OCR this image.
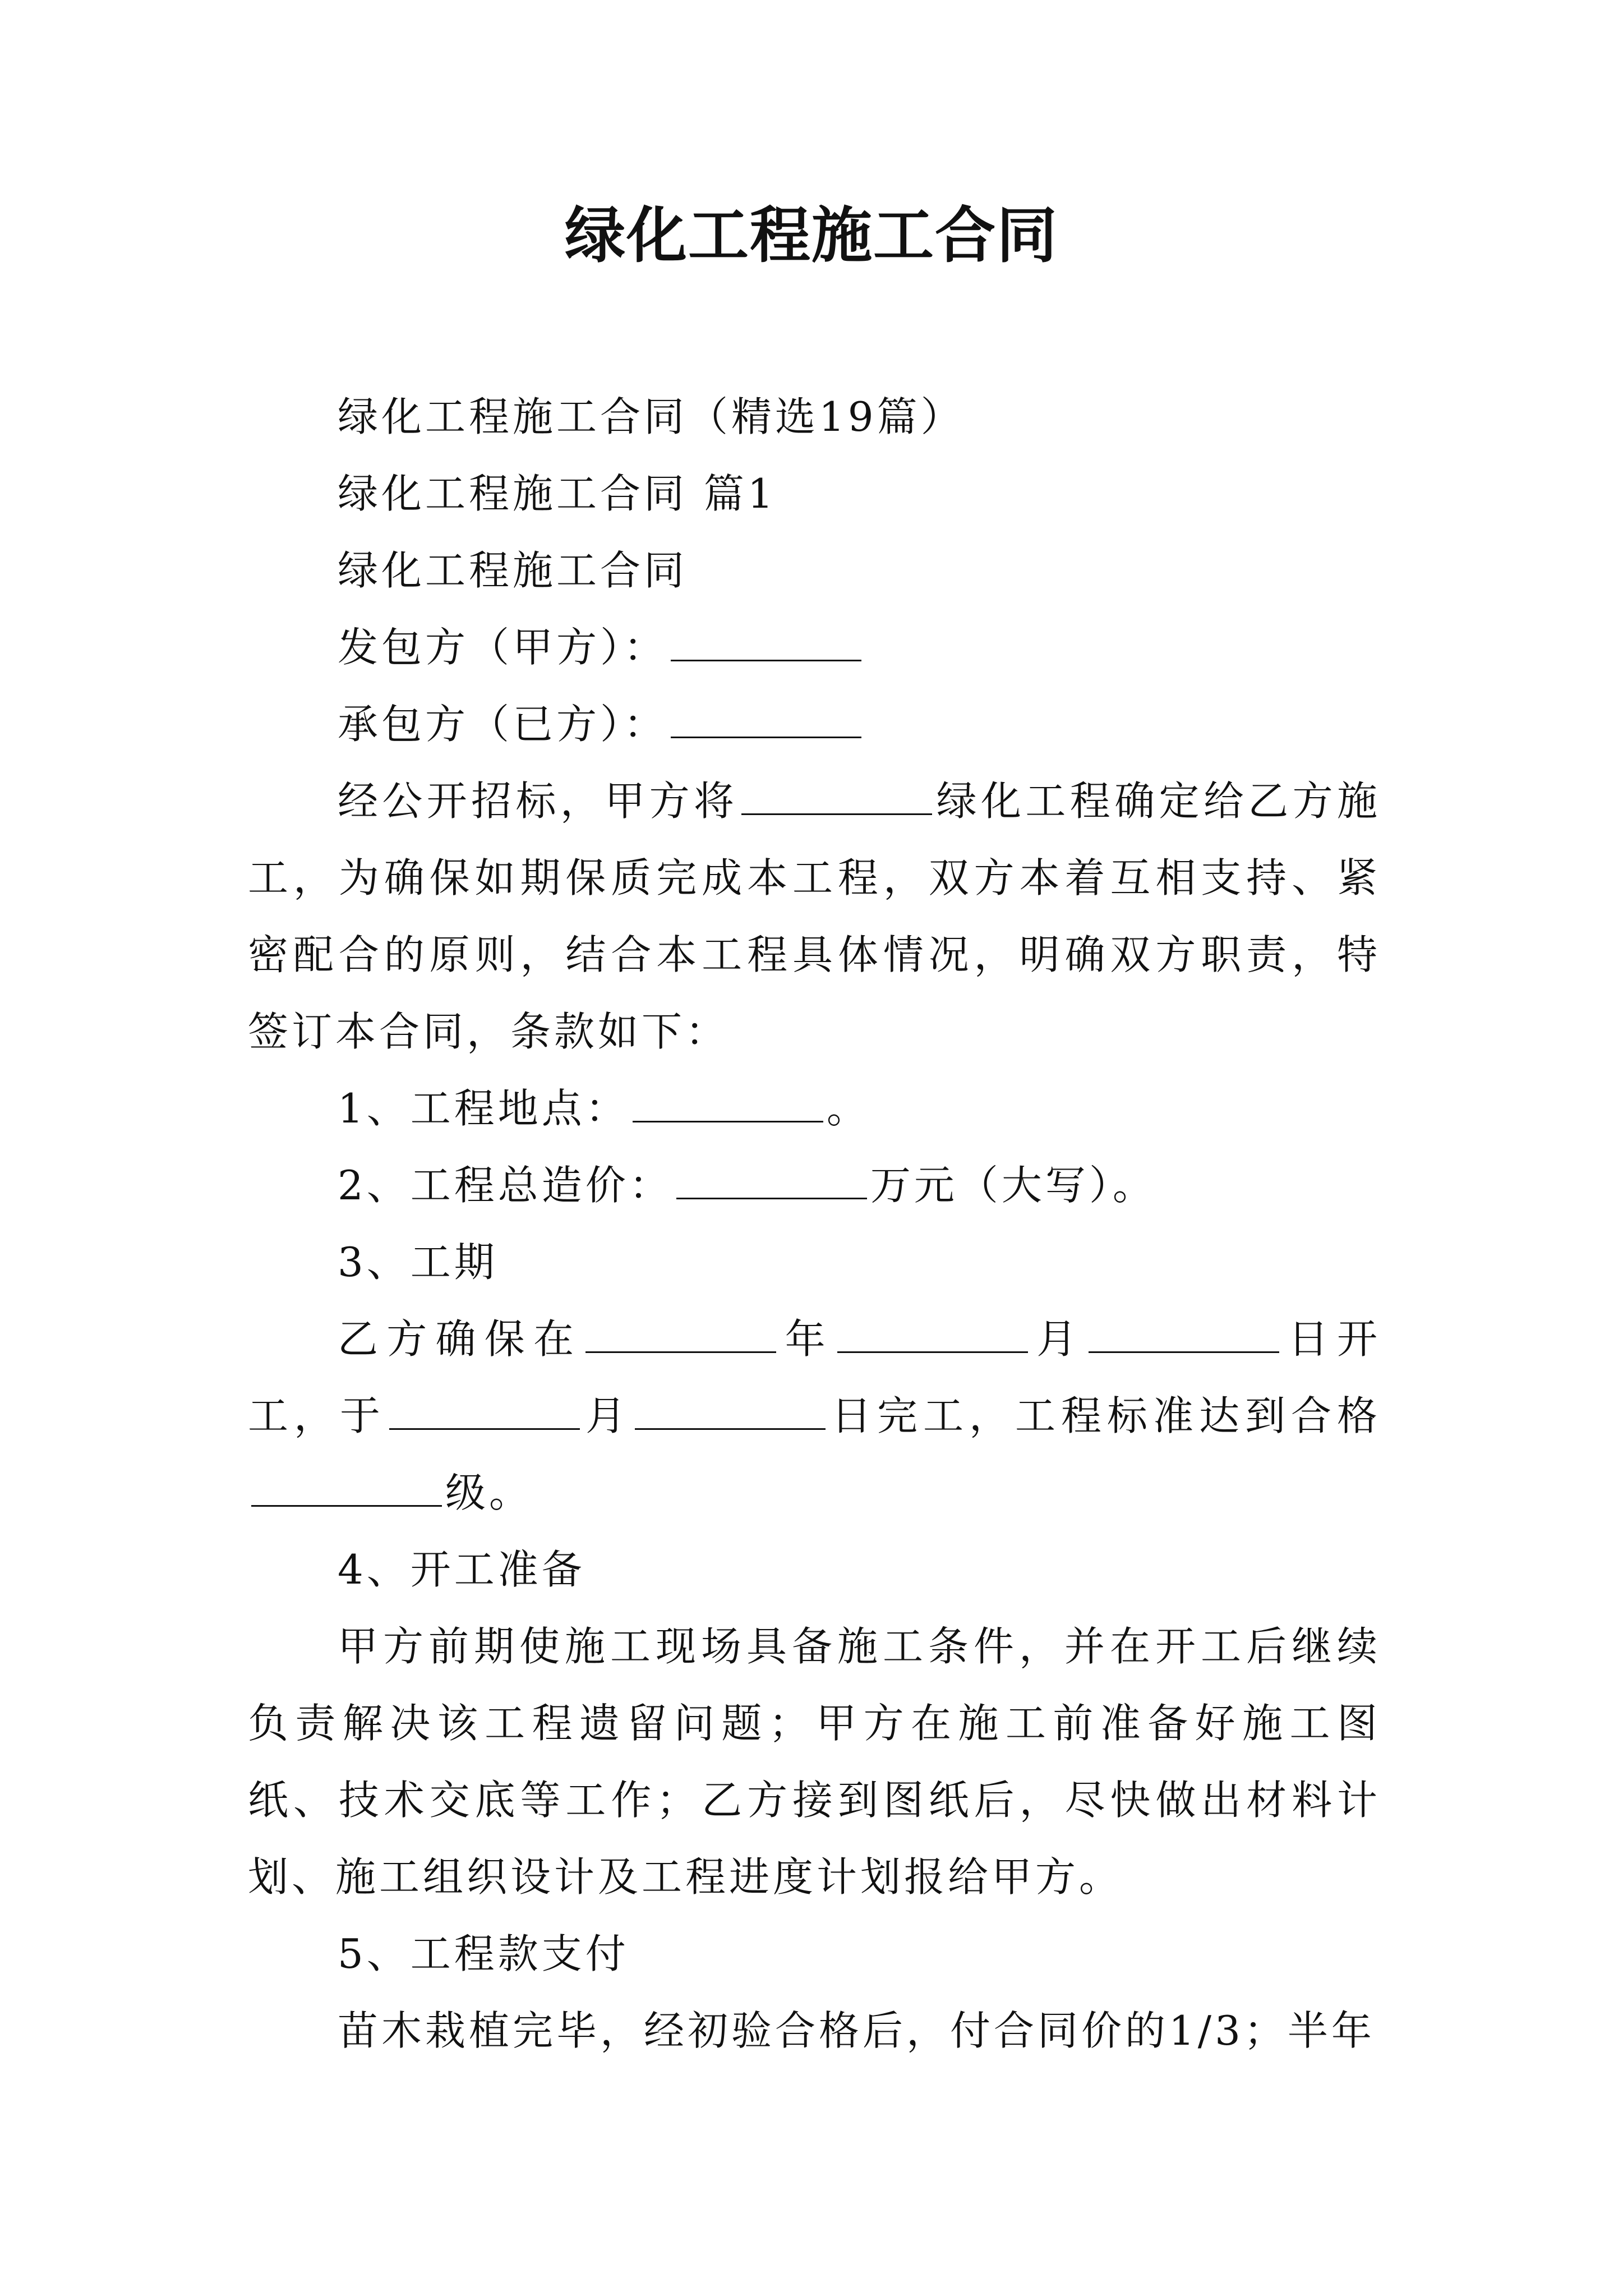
绿化工程施工合同

绿化工程施工合同（精选19篇）

绿化工程施工合同 篇1

绿化工程施工合同

发包方（甲方）：

承包方（已方）：

经公开招标，甲方将	绿化工程确定给乙方施工，为确保如期保质完成本工程，双方本着互相支持、紧密配合的原则，结合本工程具体情况，明确双方职责，特签订本合同，条款如下：

1、工程地点：	。

2、工程总造价：	万元（大写）。

3、工期

乙方确保在	年	月	日开工，于	月	日完工，工程标准达到合格级。

4、开工准备

甲方前期使施工现场具备施工条件，并在开工后继续负责解决该工程遗留问题；甲方在施工前准备好施工图纸、技术交底等工作；乙方接到图纸后，尽快做出材料计划、施工组织设计及工程进度计划报给甲方。

5、工程款支付

苗木栽植完毕，经初验合格后，付合同价的1/3；半年
